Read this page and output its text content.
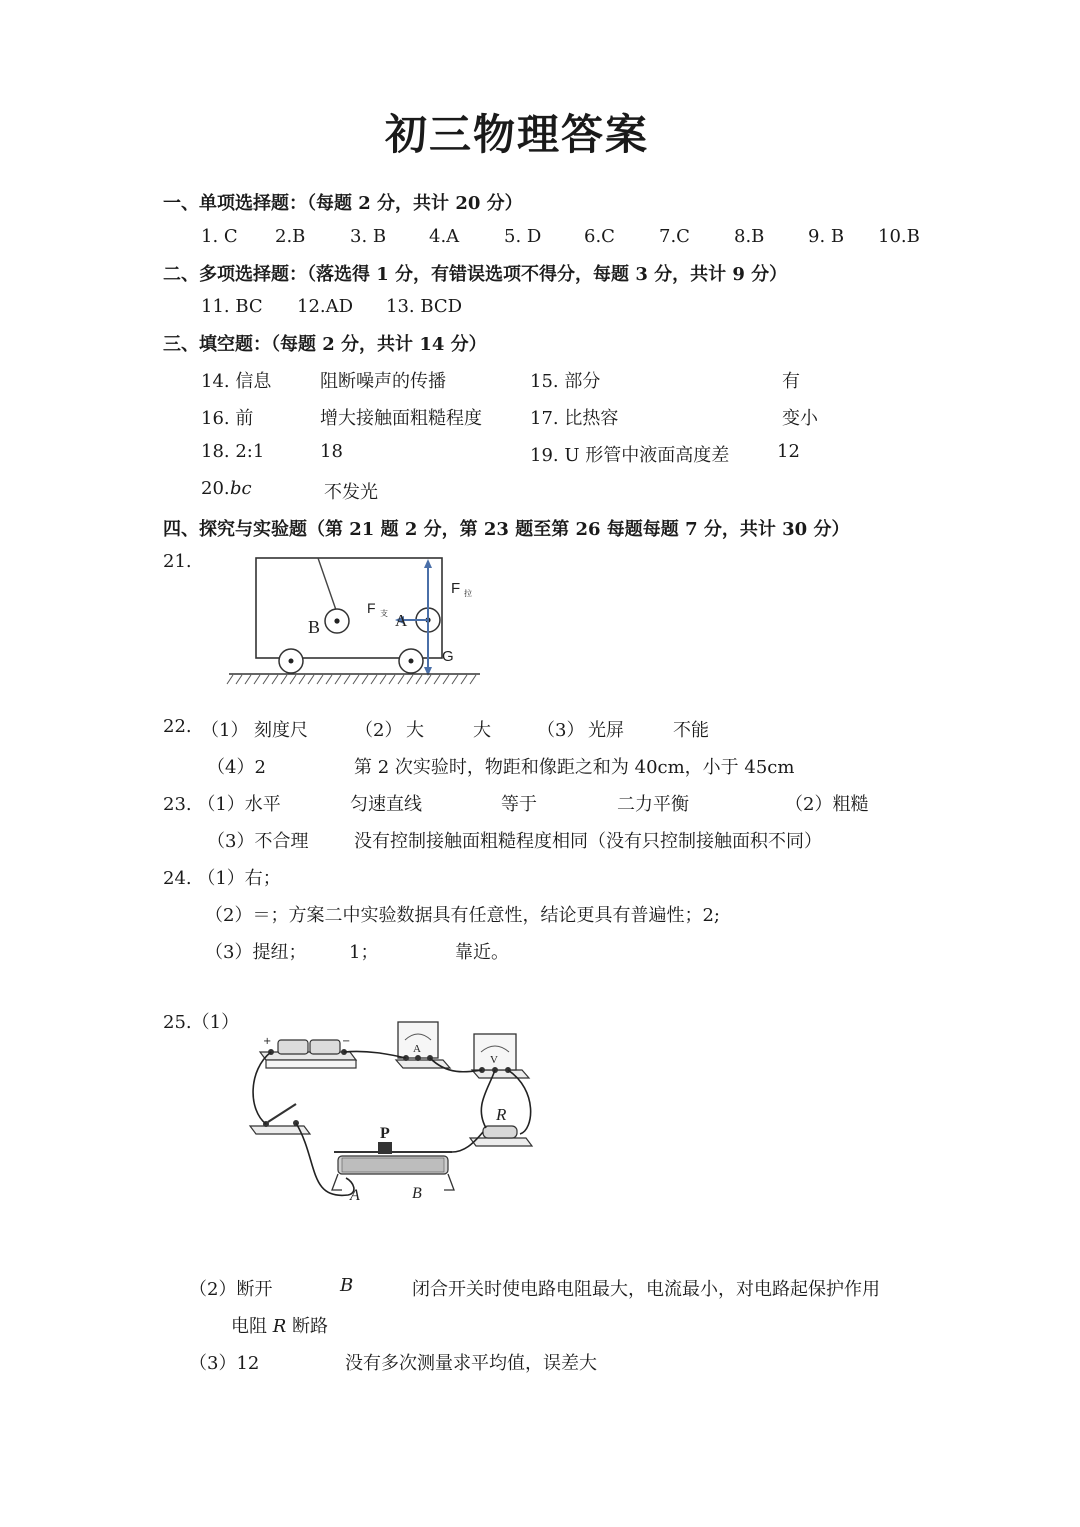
初三物理答案
一、单项选择题：（每题 2 分，共计 20 分）
1. C 2.B 3. B 4.A 5. D 6.C 7.C 8.B 9. B 10.B
二、多项选择题：（落选得 1 分，有错误选项不得分，每题 3 分，共计 9 分）
11. BC 12.AD 13. BCD
三、填空题：（每题 2 分，共计 14 分）
14. 信息	阻断噪声的传播	15. 部分	有
16. 前	增大接触面粗糙程度	17. 比热容	变小
18. 2:1	18	19. U 形管中液面高度差	12
20. bc	不发光
四、探究与实验题（第 21 题 2 分，第 23 题至第 26 每题每题 7 分，共计 30 分）
21.
B	A
F 拉
F 支
G
22. （1） 刻度尺	（2） 大	大	（3） 光屏	不能
（4）2	第 2 次实验时，物距和像距之和为 40cm，小于 45cm
23. （1）水平	匀速直线	等于	二力平衡	（2）粗糙
（3）不合理	没有控制接触面粗糙程度相同（没有只控制接触面积不同）
24. （1）右；
（2）＝；方案二中实验数据具有任意性，结论更具有普遍性；2;
（3）提纽； 1；	靠近。
25.（1）
+	−
A
V
R
P
A	B
（2）断开	B	闭合开关时使电路电阻最大，电流最小，对电路起保护作用
电阻 R 断路
（3）12	没有多次测量求平均值，误差大
